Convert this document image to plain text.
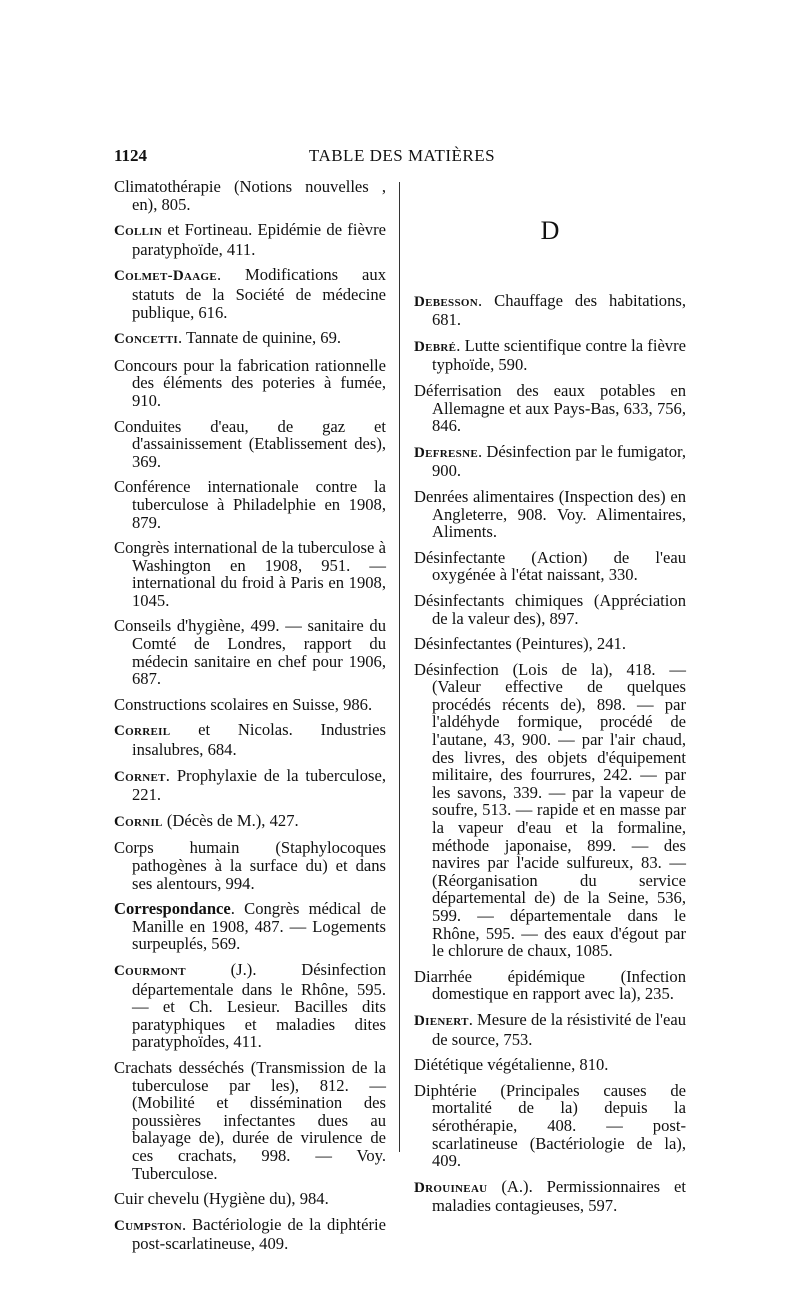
1124	TABLE DES MATIÈRES
Climatothérapie (Notions nouvelles , en), 805.
Collin et Fortineau. Epidémie de fièvre paratyphoïde, 411.
Colmet-Daage. Modifications aux statuts de la Société de médecine publique, 616.
Concetti. Tannate de quinine, 69.
Concours pour la fabrication rationnelle des éléments des poteries à fumée, 910.
Conduites d'eau, de gaz et d'assainissement (Etablissement des), 369.
Conférence internationale contre la tuberculose à Philadelphie en 1908, 879.
Congrès international de la tuberculose à Washington en 1908, 951. — international du froid à Paris en 1908, 1045.
Conseils d'hygiène, 499. — sanitaire du Comté de Londres, rapport du médecin sanitaire en chef pour 1906, 687.
Constructions scolaires en Suisse, 986.
Correil et Nicolas. Industries insalubres, 684.
Cornet. Prophylaxie de la tuberculose, 221.
Cornil (Décès de M.), 427.
Corps humain (Staphylocoques pathogènes à la surface du) et dans ses alentours, 994.
Correspondance. Congrès médical de Manille en 1908, 487. — Logements surpeuplés, 569.
Courmont (J.). Désinfection départementale dans le Rhône, 595. — et Ch. Lesieur. Bacilles dits paratyphiques et maladies dites paratyphoïdes, 411.
Crachats desséchés (Transmission de la tuberculose par les), 812. — (Mobilité et dissémination des poussières infectantes dues au balayage de), durée de virulence de ces crachats, 998. — Voy. Tuberculose.
Cuir chevelu (Hygiène du), 984.
Cumpston. Bactériologie de la diphtérie post-scarlatineuse, 409.
D
Debesson. Chauffage des habitations, 681.
Debré. Lutte scientifique contre la fièvre typhoïde, 590.
Déferrisation des eaux potables en Allemagne et aux Pays-Bas, 633, 756, 846.
Defresne. Désinfection par le fumigator, 900.
Denrées alimentaires (Inspection des) en Angleterre, 908. Voy. Alimentaires, Aliments.
Désinfectante (Action) de l'eau oxygénée à l'état naissant, 330.
Désinfectants chimiques (Appréciation de la valeur des), 897.
Désinfectantes (Peintures), 241.
Désinfection (Lois de la), 418. — (Valeur effective de quelques procédés récents de), 898. — par l'aldéhyde formique, procédé de l'autane, 43, 900. — par l'air chaud, des livres, des objets d'équipement militaire, des fourrures, 242. — par les savons, 339. — par la vapeur de soufre, 513. — rapide et en masse par la vapeur d'eau et la formaline, méthode japonaise, 899. — des navires par l'acide sulfureux, 83. — (Réorganisation du service départemental de) de la Seine, 536, 599. — départementale dans le Rhône, 595. — des eaux d'égout par le chlorure de chaux, 1085.
Diarrhée épidémique (Infection domestique en rapport avec la), 235.
Dienert. Mesure de la résistivité de l'eau de source, 753.
Diététique végétalienne, 810.
Diphtérie (Principales causes de mortalité de la) depuis la sérothérapie, 408. — post-scarlatineuse (Bactériologie de la), 409.
Drouineau (A.). Permissionnaires et maladies contagieuses, 597.
